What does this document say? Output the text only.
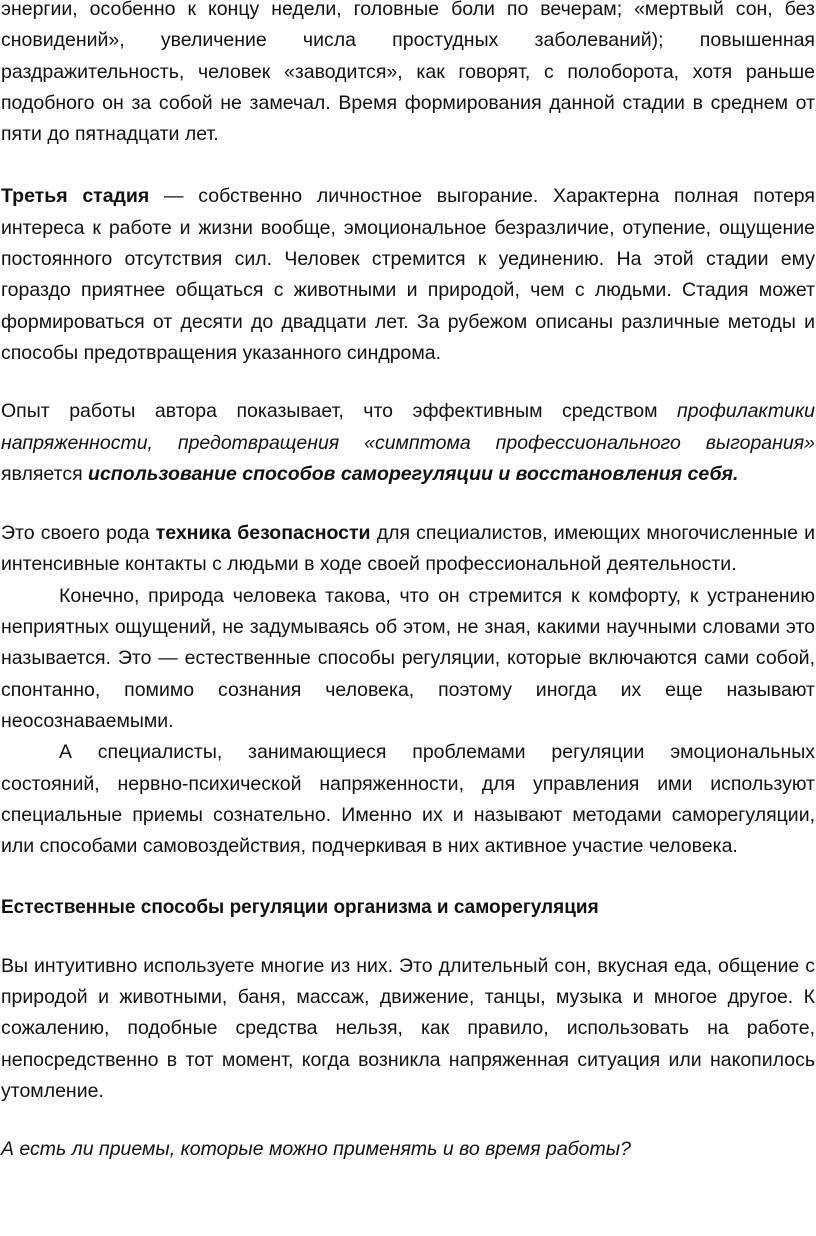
энергии, особенно к концу недели, головные боли по вечерам; «мертвый сон, без сновидений», увеличение числа простудных заболеваний); повышенная раздражительность, человек «заводится», как говорят, с полоборота, хотя раньше подобного он за собой не замечал. Время формирования данной стадии в среднем от пяти до пятнадцати лет.

Третья стадия — собственно личностное выгорание. Характерна полная потеря интереса к работе и жизни вообще, эмоциональное безразличие, отупение, ощущение постоянного отсутствия сил. Человек стремится к уединению. На этой стадии ему гораздо приятнее общаться с животными и природой, чем с людьми. Стадия может формироваться от десяти до двадцати лет. За рубежом описаны различные методы и способы предотвращения указанного синдрома.

Опыт работы автора показывает, что эффективным средством профилактики напряженности, предотвращения «симптома профессионального выгорания» является использование способов саморегуляции и восстановления себя.

Это своего рода техника безопасности для специалистов, имеющих многочисленные и интенсивные контакты с людьми в ходе своей профессиональной деятельности.

Конечно, природа человека такова, что он стремится к комфорту, к устранению неприятных ощущений, не задумываясь об этом, не зная, какими научными словами это называется. Это — естественные способы регуляции, которые включаются сами собой, спонтанно, помимо сознания человека, поэтому иногда их еще называют неосознаваемыми.

А специалисты, занимающиеся проблемами регуляции эмоциональных состояний, нервно-психической напряженности, для управления ими используют специальные приемы сознательно. Именно их и называют методами саморегуляции, или способами самовоздействия, подчеркивая в них активное участие человека.

Естественные способы регуляции организма и саморегуляция

Вы интуитивно используете многие из них. Это длительный сон, вкусная еда, общение с природой и животными, баня, массаж, движение, танцы, музыка и многое другое. К сожалению, подобные средства нельзя, как правило, использовать на работе, непосредственно в тот момент, когда возникла напряженная ситуация или накопилось утомление.

А есть ли приемы, которые можно применять и во время работы?
